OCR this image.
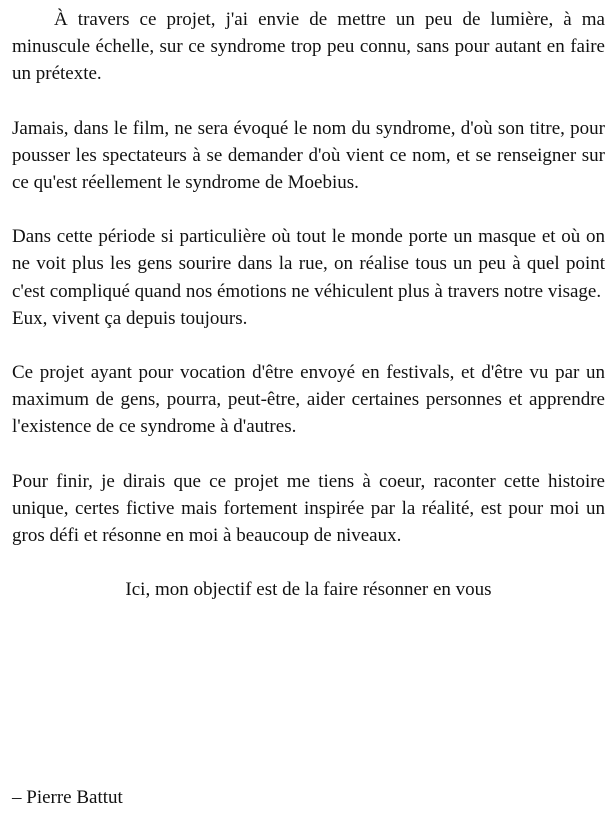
À travers ce projet, j'ai envie de mettre un peu de lumière, à ma minuscule échelle, sur ce syndrome trop peu connu, sans pour autant en faire un prétexte.

Jamais, dans le film, ne sera évoqué le nom du syndrome, d'où son titre, pour pousser les spectateurs à se demander d'où vient ce nom, et se renseigner sur ce qu'est réellement le syndrome de Moebius.

Dans cette période si particulière où tout le monde porte un masque et où on ne voit plus les gens sourire dans la rue, on réalise tous un peu à quel point c'est compliqué quand nos émotions ne véhiculent plus à travers notre visage.

Eux, vivent ça depuis toujours.

Ce projet ayant pour vocation d'être envoyé en festivals, et d'être vu par un maximum de gens, pourra, peut-être, aider certaines personnes et apprendre l'existence de ce syndrome à d'autres.

Pour finir, je dirais que ce projet me tiens à coeur, raconter cette histoire unique, certes fictive mais fortement inspirée par la réalité, est pour moi un gros défi et résonne en moi à beaucoup de niveaux.

Ici, mon objectif est de la faire résonner en vous

– Pierre Battut
